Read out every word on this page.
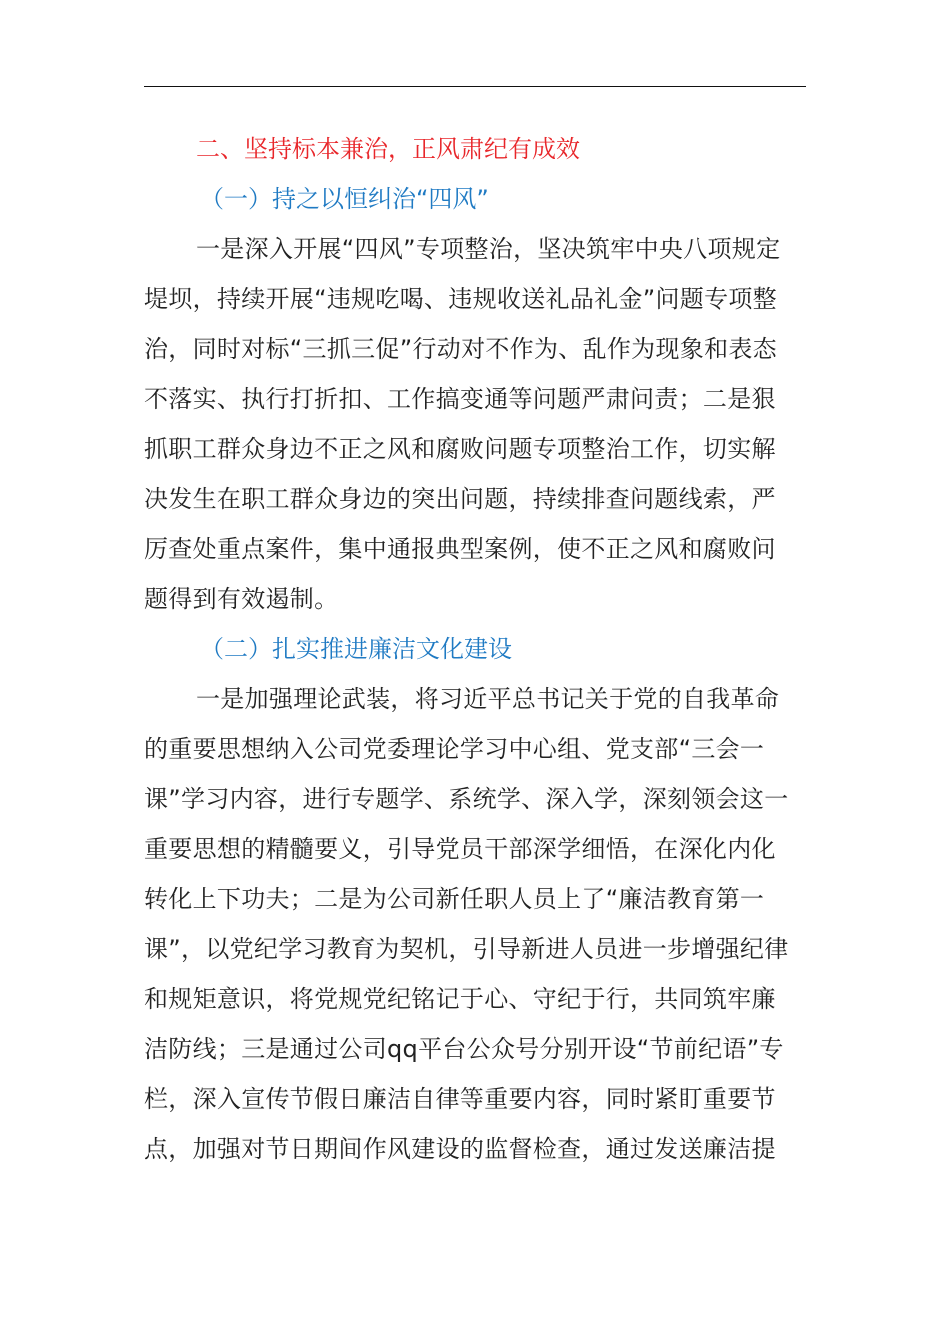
二、坚持标本兼治，正风肃纪有成效
（一）持之以恒纠治“四风”

一是深入开展“四风”专项整治，坚决筑牢中央八项规定
堤坝，持续开展“违规吃喝、违规收送礼品礼金”问题专项整
治，同时对标“三抓三促”行动对不作为、乱作为现象和表态
不落实、执行打折扣、工作搞变通等问题严肃问责；二是狠
抓职工群众身边不正之风和腐败问题专项整治工作，切实解
决发生在职工群众身边的突出问题，持续排查问题线索，严
厉查处重点案件，集中通报典型案例，使不正之风和腐败问
题得到有效遏制。

（二）扎实推进廉洁文化建设

一是加强理论武装，将习近平总书记关于党的自我革命
的重要思想纳入公司党委理论学习中心组、党支部“三会一
课”学习内容，进行专题学、系统学、深入学，深刻领会这一
重要思想的精髓要义，引导党员干部深学细悟，在深化内化
转化上下功夫；二是为公司新任职人员上了“廉洁教育第一
课”，以党纪学习教育为契机，引导新进人员进一步增强纪律
和规矩意识，将党规党纪铭记于心、守纪于行，共同筑牢廉
洁防线；三是通过公司qq平台公众号分别开设“节前纪语”专
栏，深入宣传节假日廉洁自律等重要内容，同时紧盯重要节
点，加强对节日期间作风建设的监督检查，通过发送廉洁提
